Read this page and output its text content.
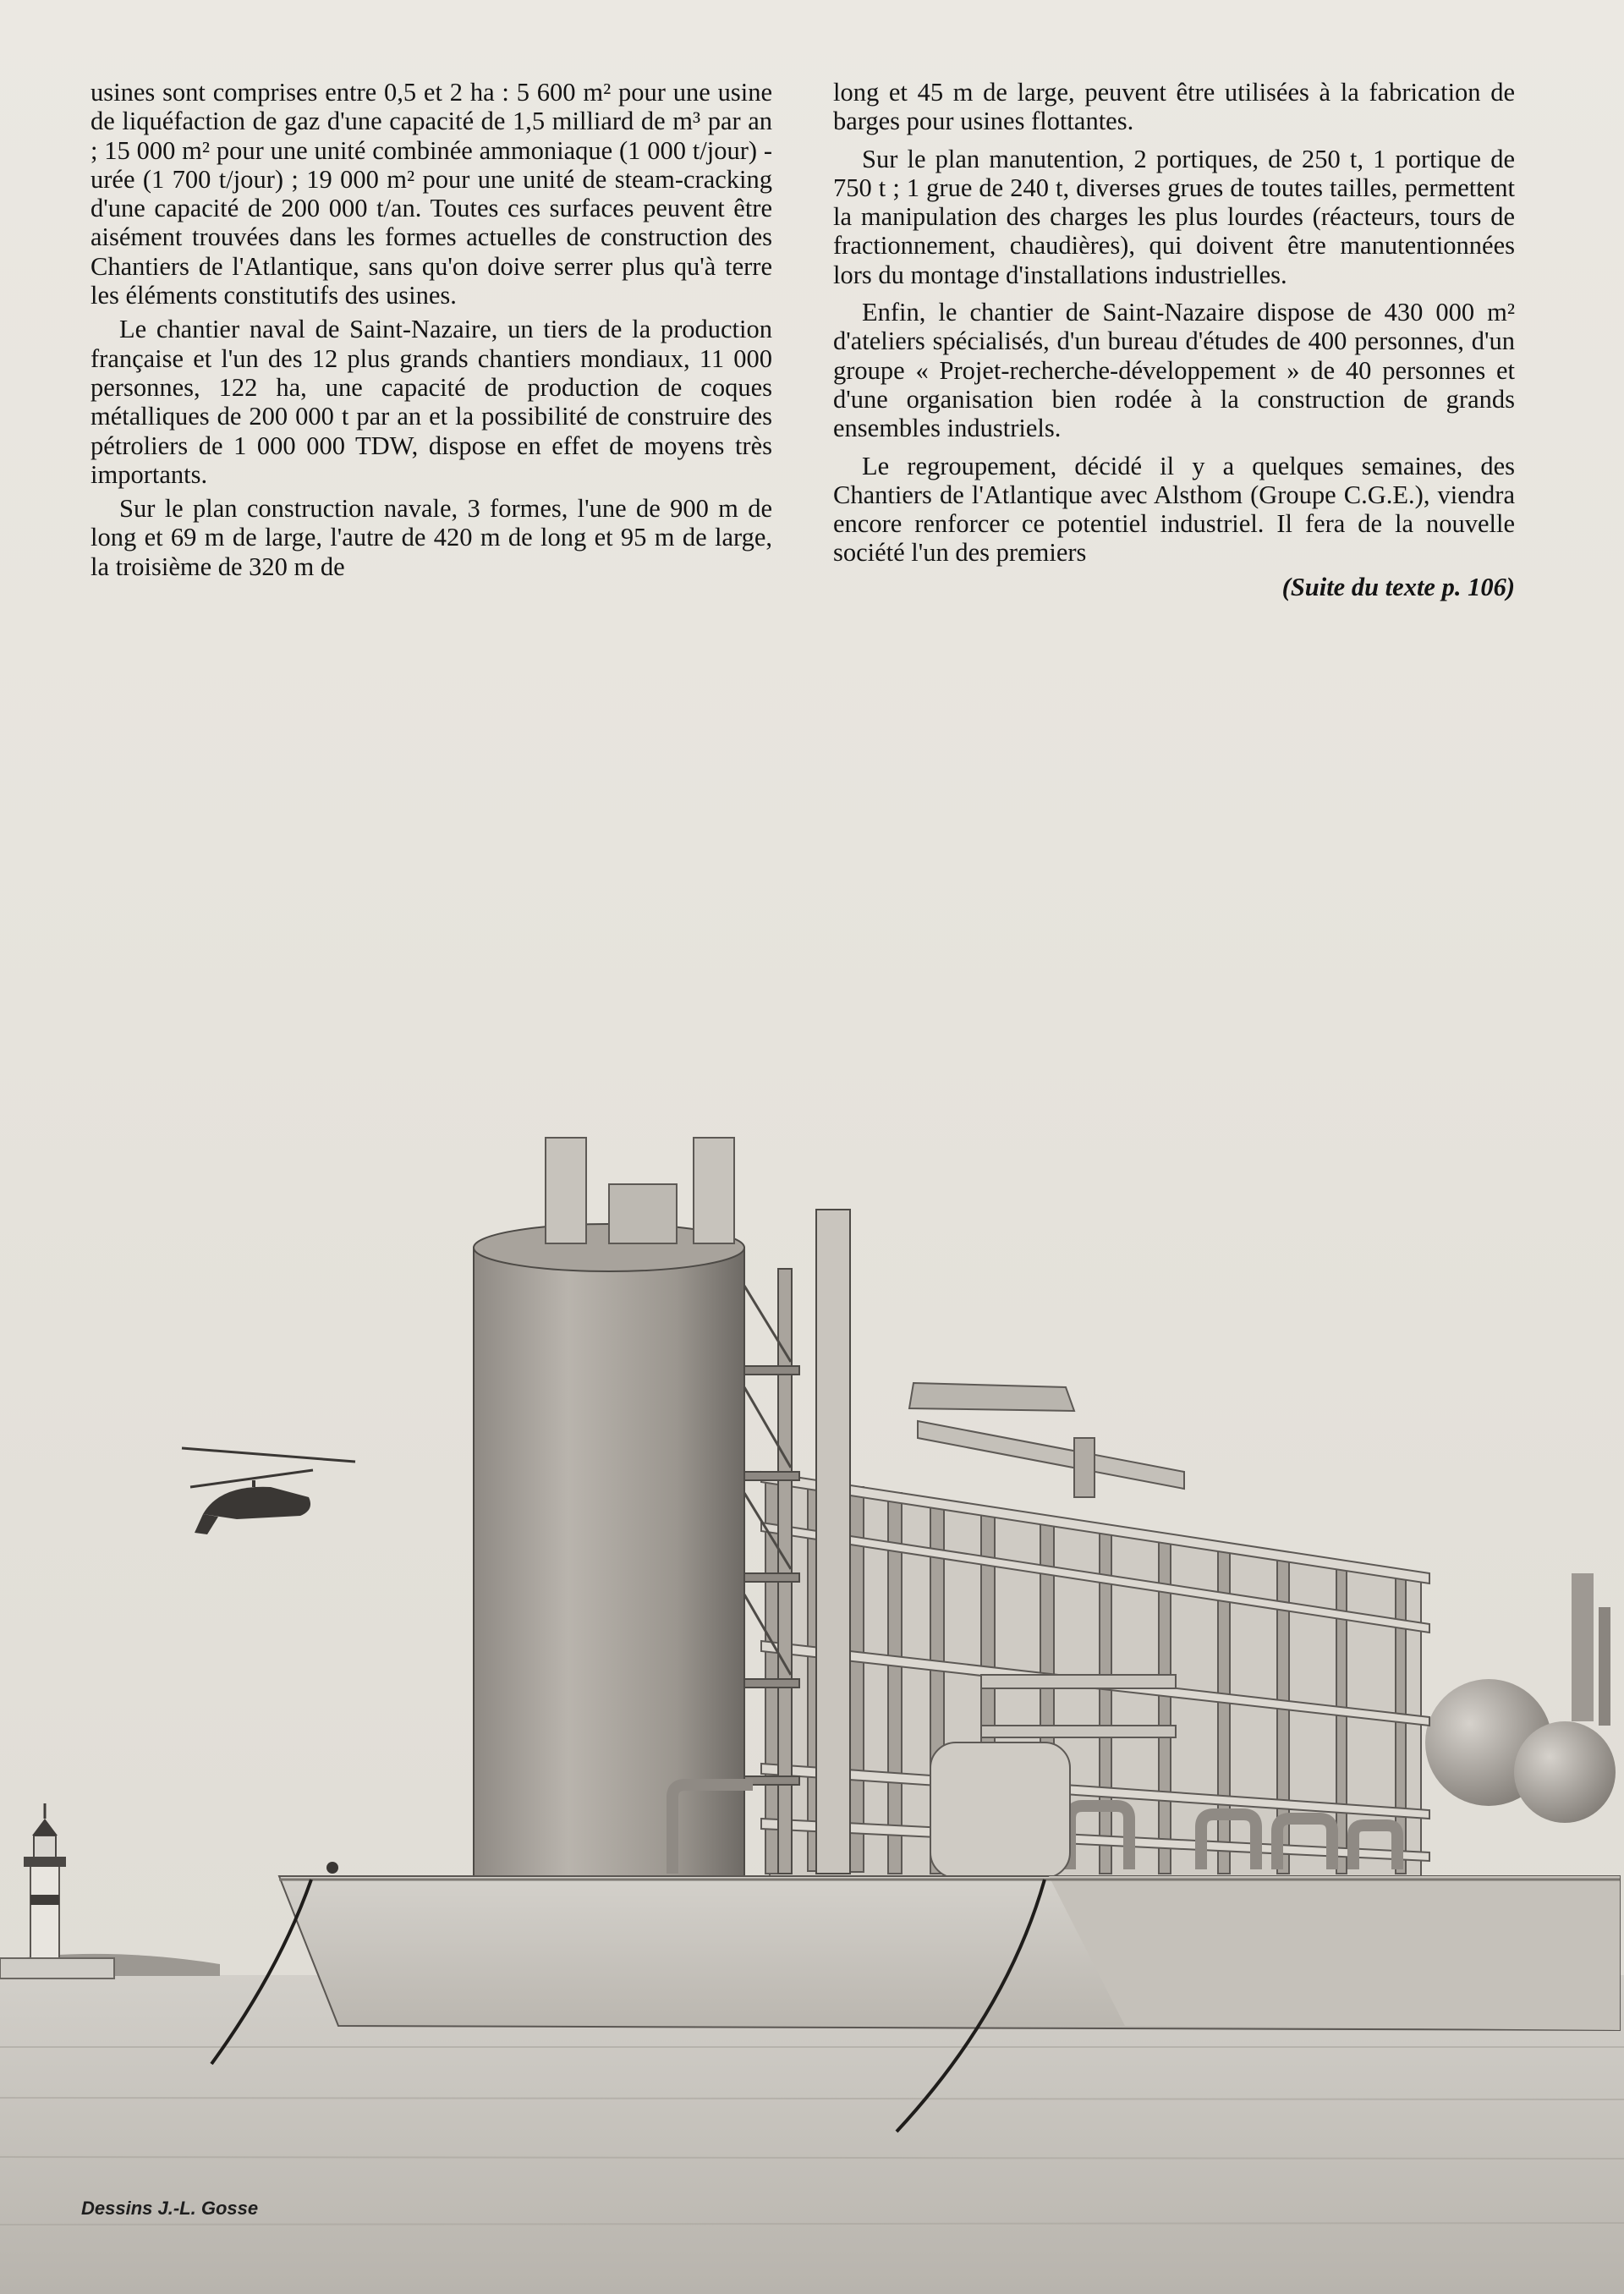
usines sont comprises entre 0,5 et 2 ha : 5 600 m² pour une usine de liquéfaction de gaz d'une capacité de 1,5 milliard de m³ par an ; 15 000 m² pour une unité combinée ammoniaque (1 000 t/jour) - urée (1 700 t/jour) ; 19 000 m² pour une unité de steam-cracking d'une capacité de 200 000 t/an. Toutes ces surfaces peuvent être aisément trouvées dans les formes actuelles de construction des Chantiers de l'Atlantique, sans qu'on doive serrer plus qu'à terre les éléments constitutifs des usines.

Le chantier naval de Saint-Nazaire, un tiers de la production française et l'un des 12 plus grands chantiers mondiaux, 11 000 personnes, 122 ha, une capacité de production de coques métalliques de 200 000 t par an et la possibilité de construire des pétroliers de 1 000 000 TDW, dispose en effet de moyens très importants.

Sur le plan construction navale, 3 formes, l'une de 900 m de long et 69 m de large, l'autre de 420 m de long et 95 m de large, la troisième de 320 m de

long et 45 m de large, peuvent être utilisées à la fabrication de barges pour usines flottantes.

Sur le plan manutention, 2 portiques, de 250 t, 1 portique de 750 t ; 1 grue de 240 t, diverses grues de toutes tailles, permettent la manipulation des charges les plus lourdes (réacteurs, tours de fractionnement, chaudières), qui doivent être manutentionnées lors du montage d'installations industrielles.

Enfin, le chantier de Saint-Nazaire dispose de 430 000 m² d'ateliers spécialisés, d'un bureau d'études de 400 personnes, d'un groupe « Projet-recherche-développement » de 40 personnes et d'une organisation bien rodée à la construction de grands ensembles industriels.

Le regroupement, décidé il y a quelques semaines, des Chantiers de l'Atlantique avec Alsthom (Groupe C.G.E.), viendra encore renforcer ce potentiel industriel. Il fera de la nouvelle société l'un des premiers

(Suite du texte p. 106)
Dessins J.-L. Gosse
